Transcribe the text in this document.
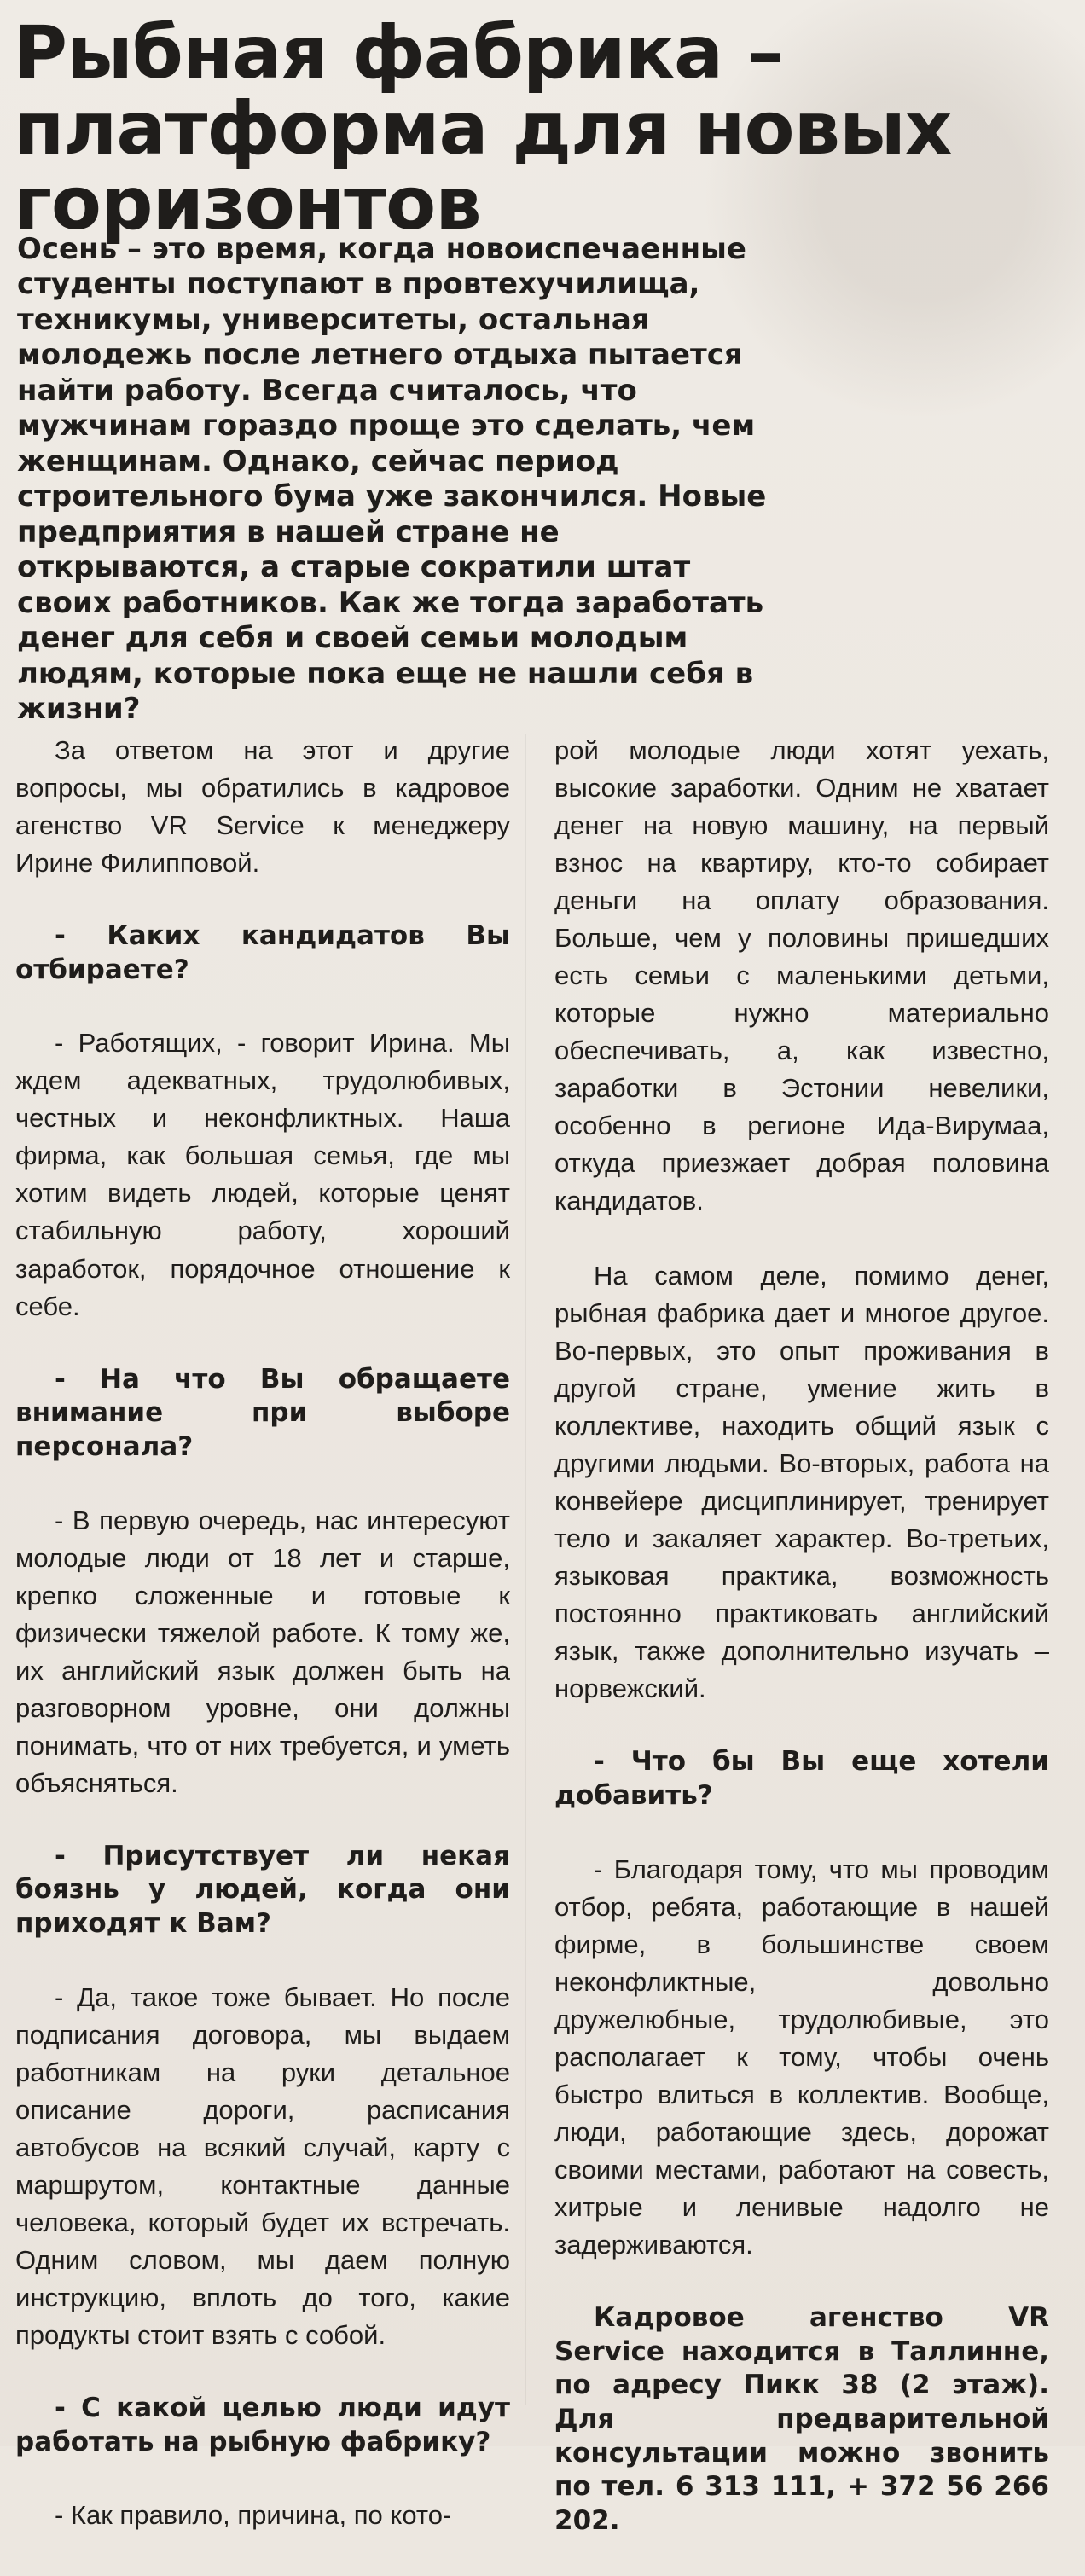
Рыбная фабрика –
платформа для новых горизонтов
Осень – это время, когда новоиспечаенные студенты поступают в провтехучилища, техникумы, университеты, остальная молодежь после летнего отдыха пытается найти работу. Всегда считалось, что мужчинам гораздо проще это сделать, чем женщинам. Однако, сейчас период строительного бума уже закончился. Новые предприятия в нашей стране не открываются, а старые сократили штат своих работников. Как же тогда заработать денег для себя и своей семьи молодым людям, которые пока еще не нашли себя в жизни?

За ответом на этот и другие вопросы, мы обратились в кадровое агенство VR Service к менеджеру Ирине Филипповой.

- Каких кандидатов Вы отбираете?

- Работящих, - говорит Ирина. Мы ждем адекватных, трудолюбивых, честных и неконфликтных. Наша фирма, как большая семья, где мы хотим видеть людей, которые ценят стабильную работу, хороший заработок, порядочное отношение к себе.

- На что Вы обращаете внимание при выборе персонала?

- В первую очередь, нас интересуют молодые люди от 18 лет и старше, крепко сложенные и готовые к физически тяжелой работе. К тому же, их английский язык должен быть на разговорном уровне, они должны понимать, что от них требуется, и уметь объясняться.

- Присутствует ли некая боязнь у людей, когда они приходят к Вам?

- Да, такое тоже бывает. Но после подписания договора, мы выдаем работникам на руки детальное описание дороги, расписания автобусов на всякий случай, карту с маршрутом, контактные данные человека, который будет их встречать. Одним словом, мы даем полную инструкцию, вплоть до того, какие продукты стоит взять с собой.

- С какой целью люди идут работать на рыбную фабрику?

- Как правило, причина, по кото-

рой молодые люди хотят уехать, высокие заработки. Одним не хватает денег на новую машину, на первый взнос на квартиру, кто-то собирает деньги на оплату образования. Больше, чем у половины пришедших есть семьи с маленькими детьми, которые нужно материально обеспечивать, а, как известно, заработки в Эстонии невелики, особенно в регионе Ида-Вирумаа, откуда приезжает добрая половина кандидатов.

На самом деле, помимо денег, рыбная фабрика дает и многое другое. Во-первых, это опыт проживания в другой стране, умение жить в коллективе, находить общий язык с другими людьми. Во-вторых, работа на конвейере дисциплинирует, тренирует тело и закаляет характер. Во-третьих, языковая практика, возможность постоянно практиковать английский язык, также дополнительно изучать – норвежский.

- Что бы Вы еще хотели добавить?

- Благодаря тому, что мы проводим отбор, ребята, работающие в нашей фирме, в большинстве своем неконфликтные, довольно дружелюбные, трудолюбивые, это располагает к тому, чтобы очень быстро влиться в коллектив. Вообще, люди, работающие здесь, дорожат своими местами, работают на совесть, хитрые и ленивые надолго не задерживаются.

Кадровое агенство VR Service находится в Таллинне, по адресу Пикк 38 (2 этаж). Для предварительной консультации можно звонить по тел. 6 313 111, + 372 56 266 202.
